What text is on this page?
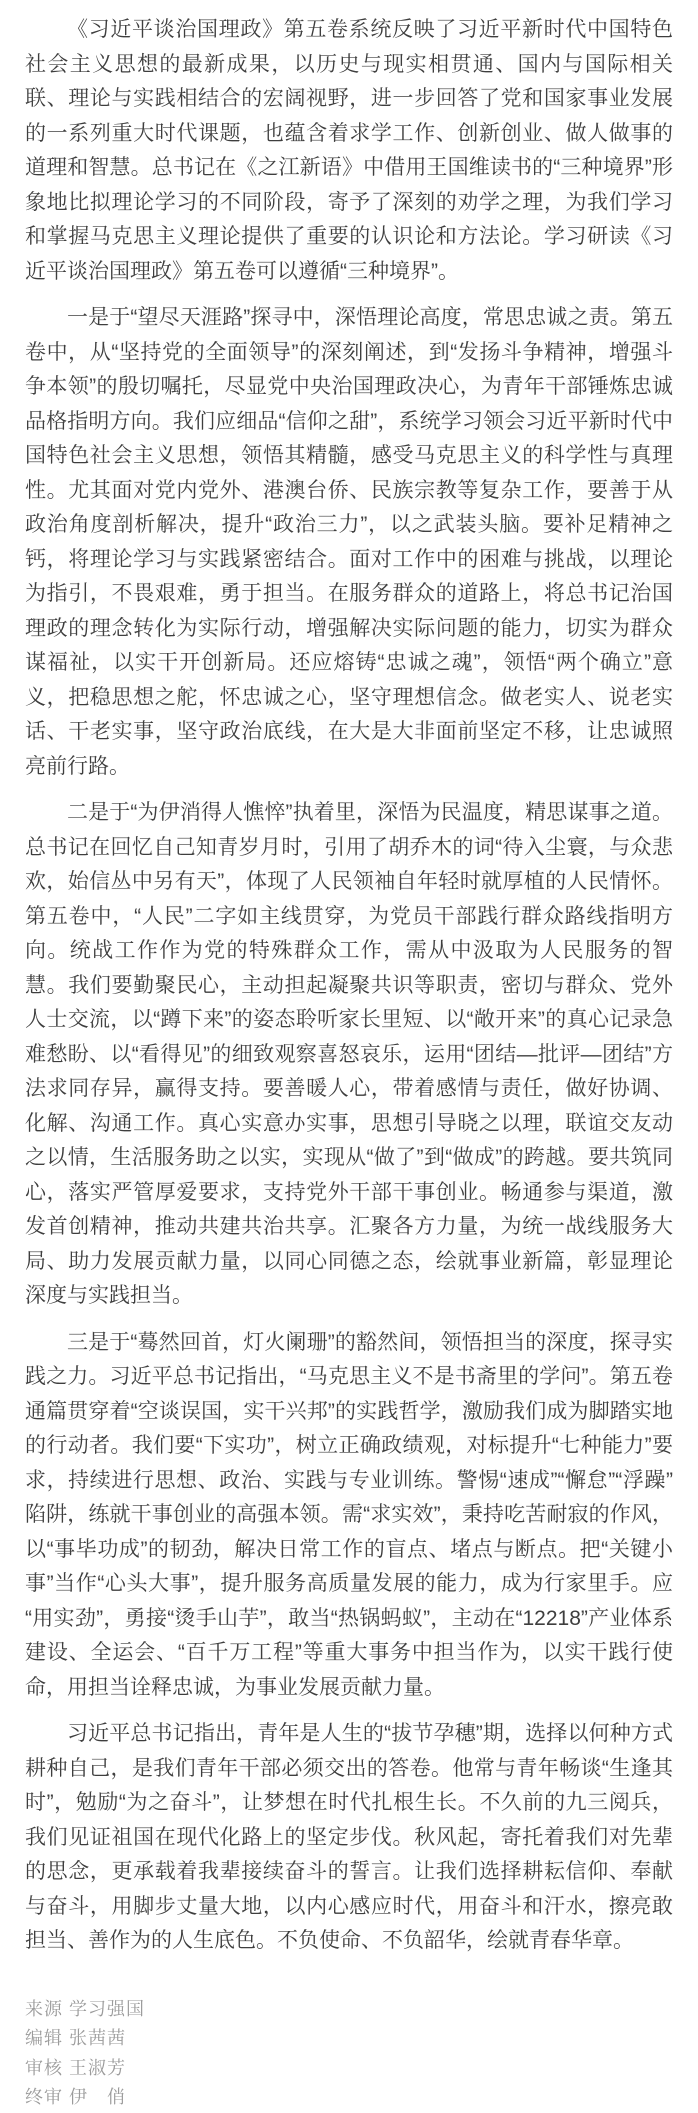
《习近平谈治国理政》第五卷系统反映了习近平新时代中国特色社会主义思想的最新成果，以历史与现实相贯通、国内与国际相关联、理论与实践相结合的宏阔视野，进一步回答了党和国家事业发展的一系列重大时代课题，也蕴含着求学工作、创新创业、做人做事的道理和智慧。总书记在《之江新语》中借用王国维读书的“三种境界”形象地比拟理论学习的不同阶段，寄予了深刻的劝学之理，为我们学习和掌握马克思主义理论提供了重要的认识论和方法论。学习研读《习近平谈治国理政》第五卷可以遵循“三种境界”。

一是于“望尽天涯路”探寻中，深悟理论高度，常思忠诚之责。第五卷中，从“坚持党的全面领导”的深刻阐述，到“发扬斗争精神，增强斗争本领”的殷切嘱托，尽显党中央治国理政决心，为青年干部锤炼忠诚品格指明方向。我们应细品“信仰之甜”，系统学习领会习近平新时代中国特色社会主义思想，领悟其精髓，感受马克思主义的科学性与真理性。尤其面对党内党外、港澳台侨、民族宗教等复杂工作，要善于从政治角度剖析解决，提升“政治三力”，以之武装头脑。要补足精神之钙，将理论学习与实践紧密结合。面对工作中的困难与挑战，以理论为指引，不畏艰难，勇于担当。在服务群众的道路上，将总书记治国理政的理念转化为实际行动，增强解决实际问题的能力，切实为群众谋福祉，以实干开创新局。还应熔铸“忠诚之魂”，领悟“两个确立”意义，把稳思想之舵，怀忠诚之心，坚守理想信念。做老实人、说老实话、干老实事，坚守政治底线，在大是大非面前坚定不移，让忠诚照亮前行路。

二是于“为伊消得人憔悴”执着里，深悟为民温度，精思谋事之道。总书记在回忆自己知青岁月时，引用了胡乔木的词“待入尘寰，与众悲欢，始信丛中另有天”，体现了人民领袖自年轻时就厚植的人民情怀。第五卷中，“人民”二字如主线贯穿，为党员干部践行群众路线指明方向。统战工作作为党的特殊群众工作，需从中汲取为人民服务的智慧。我们要勤聚民心，主动担起凝聚共识等职责，密切与群众、党外人士交流，以“蹲下来”的姿态聆听家长里短、以“敞开来”的真心记录急难愁盼、以“看得见”的细致观察喜怒哀乐，运用“团结—批评—团结”方法求同存异，赢得支持。要善暖人心，带着感情与责任，做好协调、化解、沟通工作。真心实意办实事，思想引导晓之以理，联谊交友动之以情，生活服务助之以实，实现从“做了”到“做成”的跨越。要共筑同心，落实严管厚爱要求，支持党外干部干事创业。畅通参与渠道，激发首创精神，推动共建共治共享。汇聚各方力量，为统一战线服务大局、助力发展贡献力量，以同心同德之态，绘就事业新篇，彰显理论深度与实践担当。

三是于“蓦然回首，灯火阑珊”的豁然间，领悟担当的深度，探寻实践之力。习近平总书记指出，“马克思主义不是书斋里的学问”。第五卷通篇贯穿着“空谈误国，实干兴邦”的实践哲学，激励我们成为脚踏实地的行动者。我们要“下实功”，树立正确政绩观，对标提升“七种能力”要求，持续进行思想、政治、实践与专业训练。警惕“速成”“懈怠”“浮躁”陷阱，练就干事创业的高强本领。需“求实效”，秉持吃苦耐寂的作风，以“事毕功成”的韧劲，解决日常工作的盲点、堵点与断点。把“关键小事”当作“心头大事”，提升服务高质量发展的能力，成为行家里手。应“用实劲”，勇接“烫手山芋”，敢当“热锅蚂蚁”，主动在“12218”产业体系建设、全运会、“百千万工程”等重大事务中担当作为，以实干践行使命，用担当诠释忠诚，为事业发展贡献力量。

习近平总书记指出，青年是人生的“拔节孕穗”期，选择以何种方式耕种自己，是我们青年干部必须交出的答卷。他常与青年畅谈“生逢其时”，勉励“为之奋斗”，让梦想在时代扎根生长。不久前的九三阅兵，我们见证祖国在现代化路上的坚定步伐。秋风起，寄托着我们对先辈的思念，更承载着我辈接续奋斗的誓言。让我们选择耕耘信仰、奉献与奋斗，用脚步丈量大地，以内心感应时代，用奋斗和汗水，擦亮敢担当、善作为的人生底色。不负使命、不负韶华，绘就青春华章。

来源 学习强国
编辑 张茜茜
审核 王淑芳
终审 伊　俏
